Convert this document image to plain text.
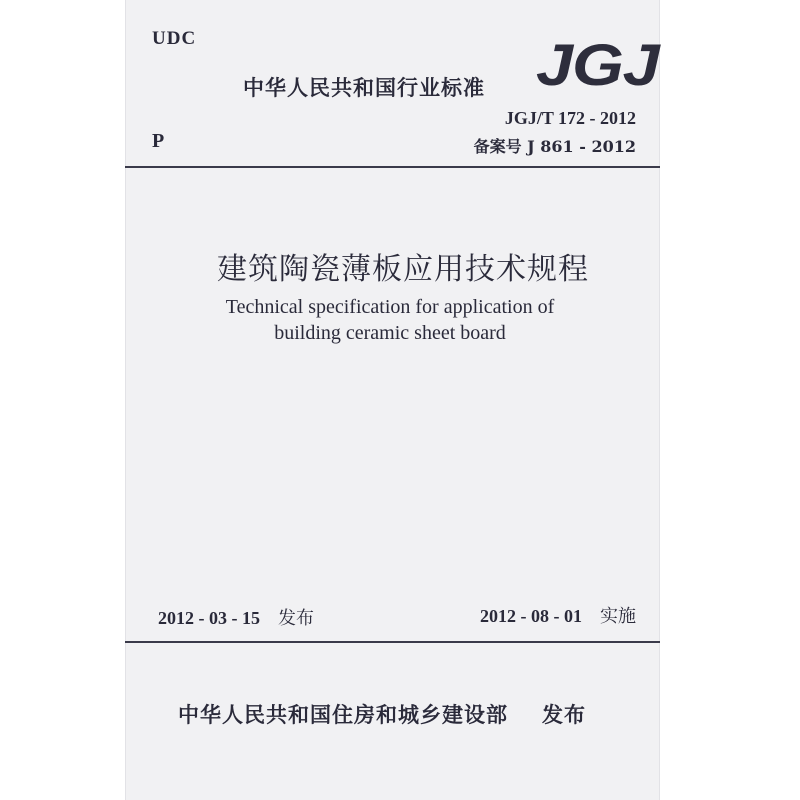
UDC
中华人民共和国行业标准 JGJ
JGJ/T 172 - 2012
P	备案号 J 861 - 2012
建筑陶瓷薄板应用技术规程
Technical specification for application of
building ceramic sheet board
2012 - 03 - 15 发布	2012 - 08 - 01 实施
中华人民共和国住房和城乡建设部 发布
